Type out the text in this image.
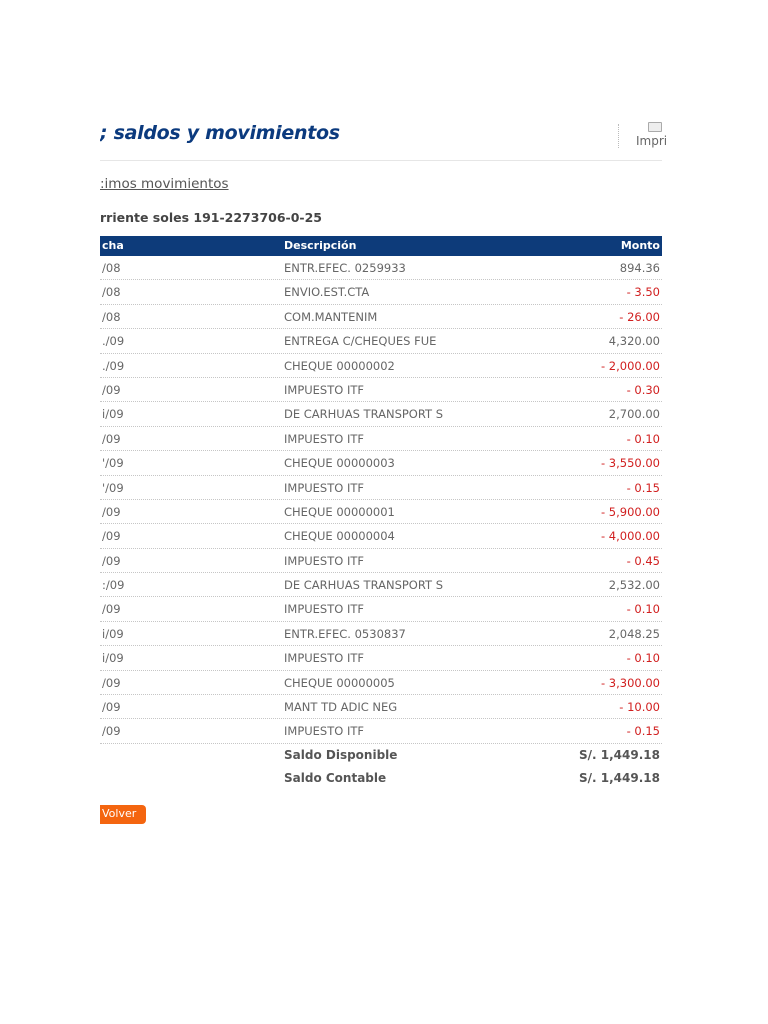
; saldos y movimientos	Impri
:imos movimientos
rriente soles 191-2273706-0-25
cha	Descripción	Monto
/08	ENTR.EFEC. 0259933	894.36
/08	ENVIO.EST.CTA	- 3.50
/08	COM.MANTENIM	- 26.00
./09	ENTREGA C/CHEQUES FUE	4,320.00
./09	CHEQUE 00000002	- 2,000.00
/09	IMPUESTO ITF	- 0.30
i/09	DE CARHUAS TRANSPORT S	2,700.00
/09	IMPUESTO ITF	- 0.10
'/09	CHEQUE 00000003	- 3,550.00
'/09	IMPUESTO ITF	- 0.15
/09	CHEQUE 00000001	- 5,900.00
/09	CHEQUE 00000004	- 4,000.00
/09	IMPUESTO ITF	- 0.45
:/09	DE CARHUAS TRANSPORT S	2,532.00
/09	IMPUESTO ITF	- 0.10
i/09	ENTR.EFEC. 0530837	2,048.25
i/09	IMPUESTO ITF	- 0.10
/09	CHEQUE 00000005	- 3,300.00
/09	MANT TD ADIC NEG	- 10.00
/09	IMPUESTO ITF	- 0.15
Saldo Disponible	S/. 1,449.18
Saldo Contable	S/. 1,449.18
Volver
